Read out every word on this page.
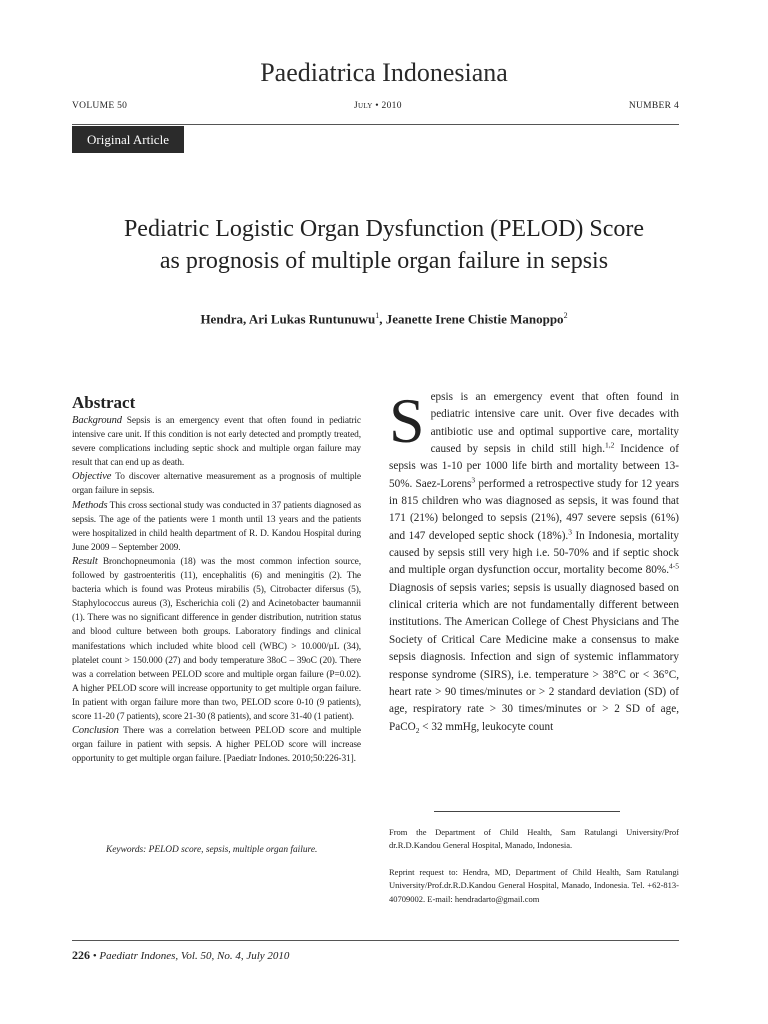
Paediatrica Indonesiana
VOLUME 50	July • 2010	NUMBER 4
Original Article
Pediatric Logistic Organ Dysfunction (PELOD) Score
as prognosis of multiple organ failure in sepsis
Hendra, Ari Lukas Runtunuwu$^1$, Jeanette Irene Chistie Manoppo$^2$
Abstract

Background Sepsis is an emergency event that often found in pediatric intensive care unit. If this condition is not early detected and promptly treated, severe complications including septic shock and multiple organ failure may result that can end up as death.

Objective To discover alternative measurement as a prognosis of multiple organ failure in sepsis.

Methods This cross sectional study was conducted in 37 patients diagnosed as sepsis. The age of the patients were 1 month until 13 years and the patients were hospitalized in child health department of R. D. Kandou Hospital during June 2009 – September 2009.

Result Bronchopneumonia (18) was the most common infection source, followed by gastroenteritis (11), encephalitis (6) and meningitis (2). The bacteria which is found was Proteus mirabilis (5), Citrobacter difersus (5), Staphylococcus aureus (3), Escherichia coli (2) and Acinetobacter baumannii (1). There was no significant difference in gender distribution, nutrition status and blood culture between both groups. Laboratory findings and clinical manifestations which included white blood cell (WBC) > 10.000/µL (34), platelet count > 150.000 (27) and body temperature 38oC – 39oC (20). There was a correlation between PELOD score and multiple organ failure (P=0.02). A higher PELOD score will increase opportunity to get multiple organ failure. In patient with organ failure more than two, PELOD score 0-10 (9 patients), score 11-20 (7 patients), score 21-30 (8 patients), and score 31-40 (1 patient).

Conclusion There was a correlation between PELOD score and multiple organ failure in patient with sepsis. A higher PELOD score will increase opportunity to get multiple organ failure. [Paediatr Indones. 2010;50:226-31].

Keywords: PELOD score, sepsis, multiple organ failure.

Sepsis is an emergency event that often found in pediatric intensive care unit. Over five decades with antibiotic use and optimal supportive care, mortality caused by sepsis in child still high.$^{1,2}$ Incidence of sepsis was 1-10 per 1000 life birth and mortality between 13-50%. Saez-Lorens$^3$ performed a retrospective study for 12 years in 815 children who was diagnosed as sepsis, it was found that 171 (21%) belonged to sepsis (21%), 497 severe sepsis (61%) and 147 developed septic shock (18%).$^3$ In Indonesia, mortality caused by sepsis still very high i.e. 50-70% and if septic shock and multiple organ dysfunction occur, mortality become 80%.$^{4-5}$ Diagnosis of sepsis varies; sepsis is usually diagnosed based on clinical criteria which are not fundamentally different between institutions. The American College of Chest Physicians and The Society of Critical Care Medicine make a consensus to make sepsis diagnosis. Infection and sign of systemic inflammatory response syndrome (SIRS), i.e. temperature > 38°C or < 36°C, heart rate > 90 times/minutes or > 2 standard deviation (SD) of age, respiratory rate > 30 times/minutes or > 2 SD of age, PaCO$_2$ < 32 mmHg, leukocyte count

From the Department of Child Health, Sam Ratulangi University/Prof dr.R.D.Kandou General Hospital, Manado, Indonesia.
Reprint request to: Hendra, MD, Department of Child Health, Sam Ratulangi University/Prof.dr.R.D.Kandou General Hospital, Manado, Indonesia. Tel. +62-813-40709002. E-mail: hendradarto@gmail.com
226 • Paediatr Indones, Vol. 50, No. 4, July 2010
